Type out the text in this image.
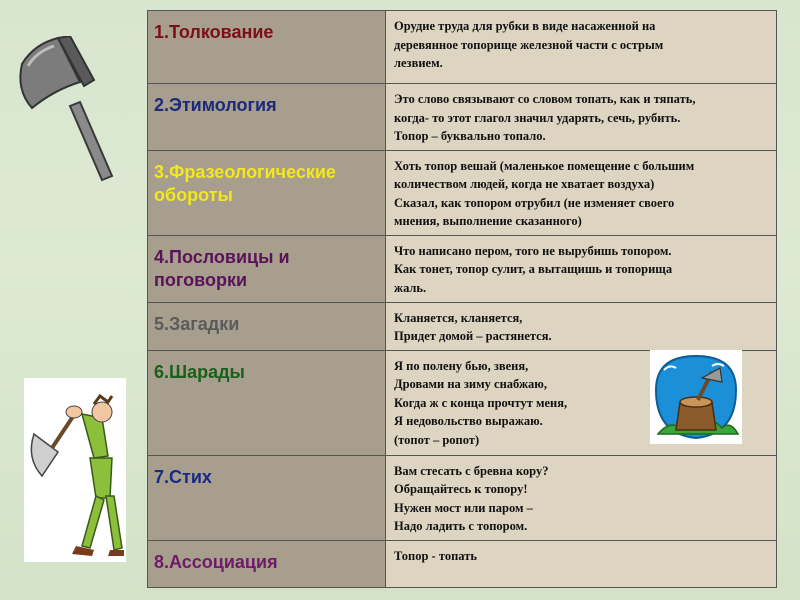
1.Толкование	Орудие труда для рубки в виде насаженной на
деревянное топорище железной части с острым
лезвием.

2.Этимология	Это слово связывают со словом топать, как и тяпать,
когда- то этот глагол значил ударять, сечь, рубить.
Топор – буквально топало.

3.Фразеологические
обороты	Хоть топор вешай (маленькое помещение с большим
количеством людей, когда не хватает воздуха)
Сказал, как топором отрубил (не изменяет своего
мнения, выполнение сказанного)

4.Пословицы и
поговорки	Что написано пером, того не вырубишь топором.
Как тонет, топор сулит, а вытащишь и топорища
жаль.

5.Загадки	Кланяется, кланяется,
Придет домой – растянется.

6.Шарады	Я по полену бью, звеня,
Дровами на зиму снабжаю,
Когда ж с конца прочтут меня,
Я недовольство выражаю.
(топот – ропот)

7.Стих	Вам стесать с бревна кору?
Обращайтесь к топору!
Нужен мост или паром –
Надо ладить с топором.

8.Ассоциация	Топор - топать
